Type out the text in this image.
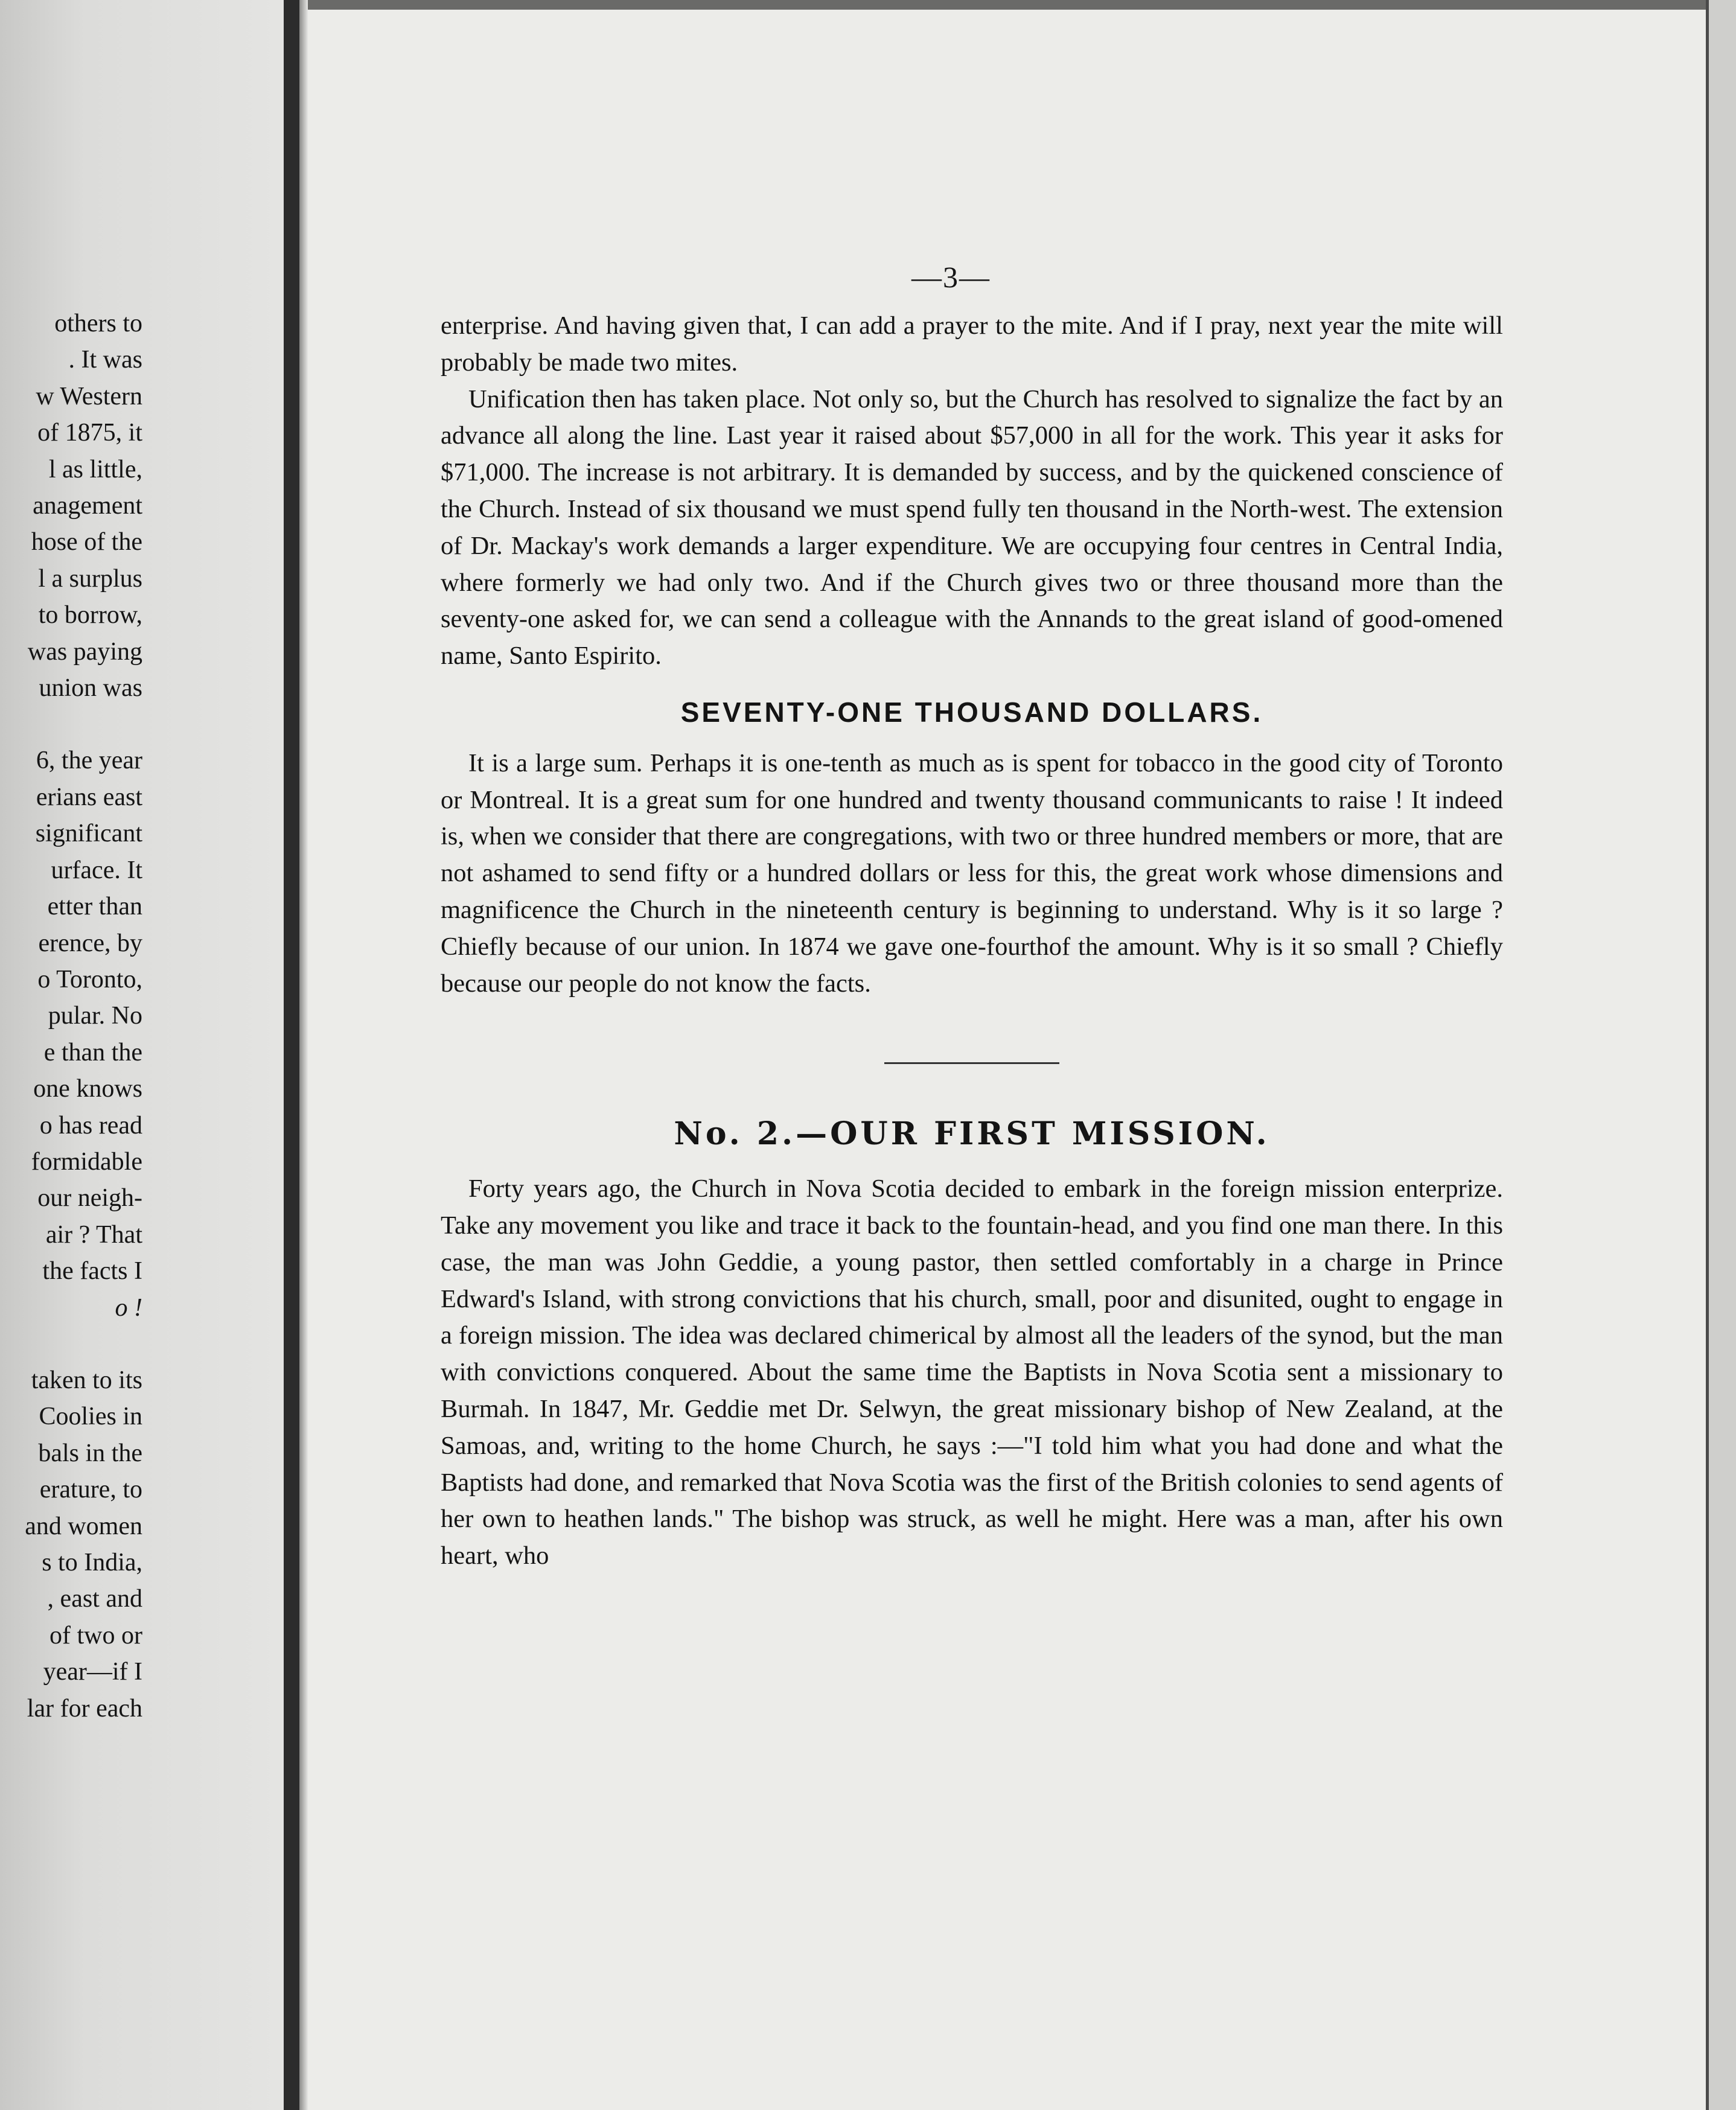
others to
. It was
w Western
of 1875, it
l as little,
anagement
hose of the
l a surplus
to borrow,
was paying
union was
6, the year
erians east
significant
urface. It
etter than
erence, by
o Toronto,
pular. No
e than the
one knows
o has read
formidable
our neigh-
air ? That
the facts I
o !
taken to its
Coolies in
bals in the
erature, to
and women
s to India,
, east and
of two or
year—if I
lar for each
—3—

enterprise. And having given that, I can add a prayer to the mite. And if I pray, next year the mite will probably be made two mites.

Unification then has taken place. Not only so, but the Church has resolved to signalize the fact by an advance all along the line. Last year it raised about $57,000 in all for the work. This year it asks for $71,000. The increase is not arbitrary. It is demanded by success, and by the quickened conscience of the Church. Instead of six thousand we must spend fully ten thousand in the North-west. The extension of Dr. Mackay's work demands a larger expenditure. We are occupying four centres in Central India, where formerly we had only two. And if the Church gives two or three thousand more than the seventy-one asked for, we can send a colleague with the Annands to the great island of good-omened name, Santo Espirito.

SEVENTY-ONE THOUSAND DOLLARS.

It is a large sum. Perhaps it is one-tenth as much as is spent for tobacco in the good city of Toronto or Montreal. It is a great sum for one hundred and twenty thousand communicants to raise ! It indeed is, when we consider that there are congregations, with two or three hundred members or more, that are not ashamed to send fifty or a hundred dollars or less for this, the great work whose dimensions and magnificence the Church in the nineteenth century is beginning to understand. Why is it so large ? Chiefly because of our union. In 1874 we gave one-fourthof the amount. Why is it so small ? Chiefly because our people do not know the facts.

No. 2.—OUR FIRST MISSION.

Forty years ago, the Church in Nova Scotia decided to embark in the foreign mission enterprize. Take any movement you like and trace it back to the fountain-head, and you find one man there. In this case, the man was John Geddie, a young pastor, then settled comfortably in a charge in Prince Edward's Island, with strong convictions that his church, small, poor and disunited, ought to engage in a foreign mission. The idea was declared chimerical by almost all the leaders of the synod, but the man with convictions conquered. About the same time the Baptists in Nova Scotia sent a missionary to Burmah. In 1847, Mr. Geddie met Dr. Selwyn, the great missionary bishop of New Zealand, at the Samoas, and, writing to the home Church, he says :—"I told him what you had done and what the Baptists had done, and remarked that Nova Scotia was the first of the British colonies to send agents of her own to heathen lands." The bishop was struck, as well he might. Here was a man, after his own heart, who
